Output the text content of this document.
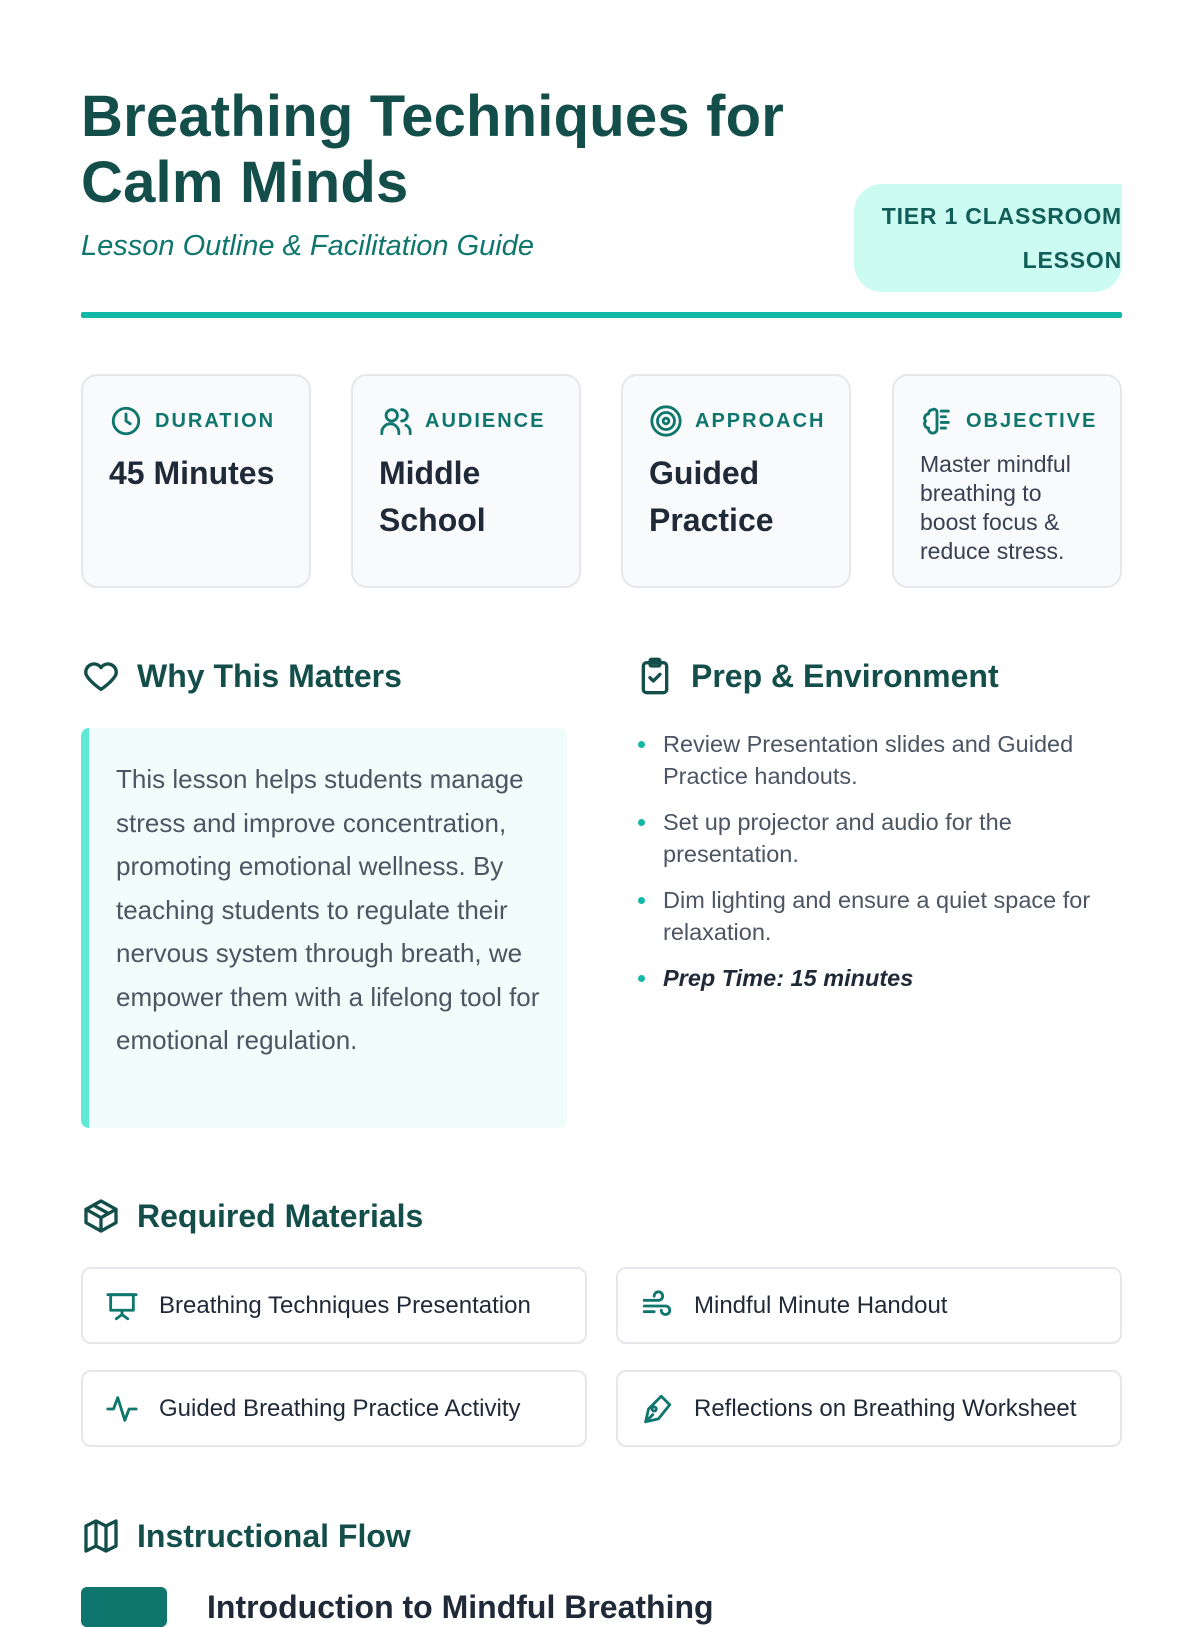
Breathing Techniques for Calm Minds
Lesson Outline & Facilitation Guide
TIER 1 CLASSROOM LESSON
DURATION
45 Minutes
AUDIENCE
Middle School
APPROACH
Guided Practice
OBJECTIVE
Master mindful breathing to boost focus & reduce stress.
Why This Matters
This lesson helps students manage stress and improve concentration, promoting emotional wellness. By teaching students to regulate their nervous system through breath, we empower them with a lifelong tool for emotional regulation.
Prep & Environment
Review Presentation slides and Guided Practice handouts.
Set up projector and audio for the presentation.
Dim lighting and ensure a quiet space for relaxation.
Prep Time: 15 minutes
Required Materials
Breathing Techniques Presentation	Mindful Minute Handout
Guided Breathing Practice Activity	Reflections on Breathing Worksheet
Instructional Flow
Introduction to Mindful Breathing
